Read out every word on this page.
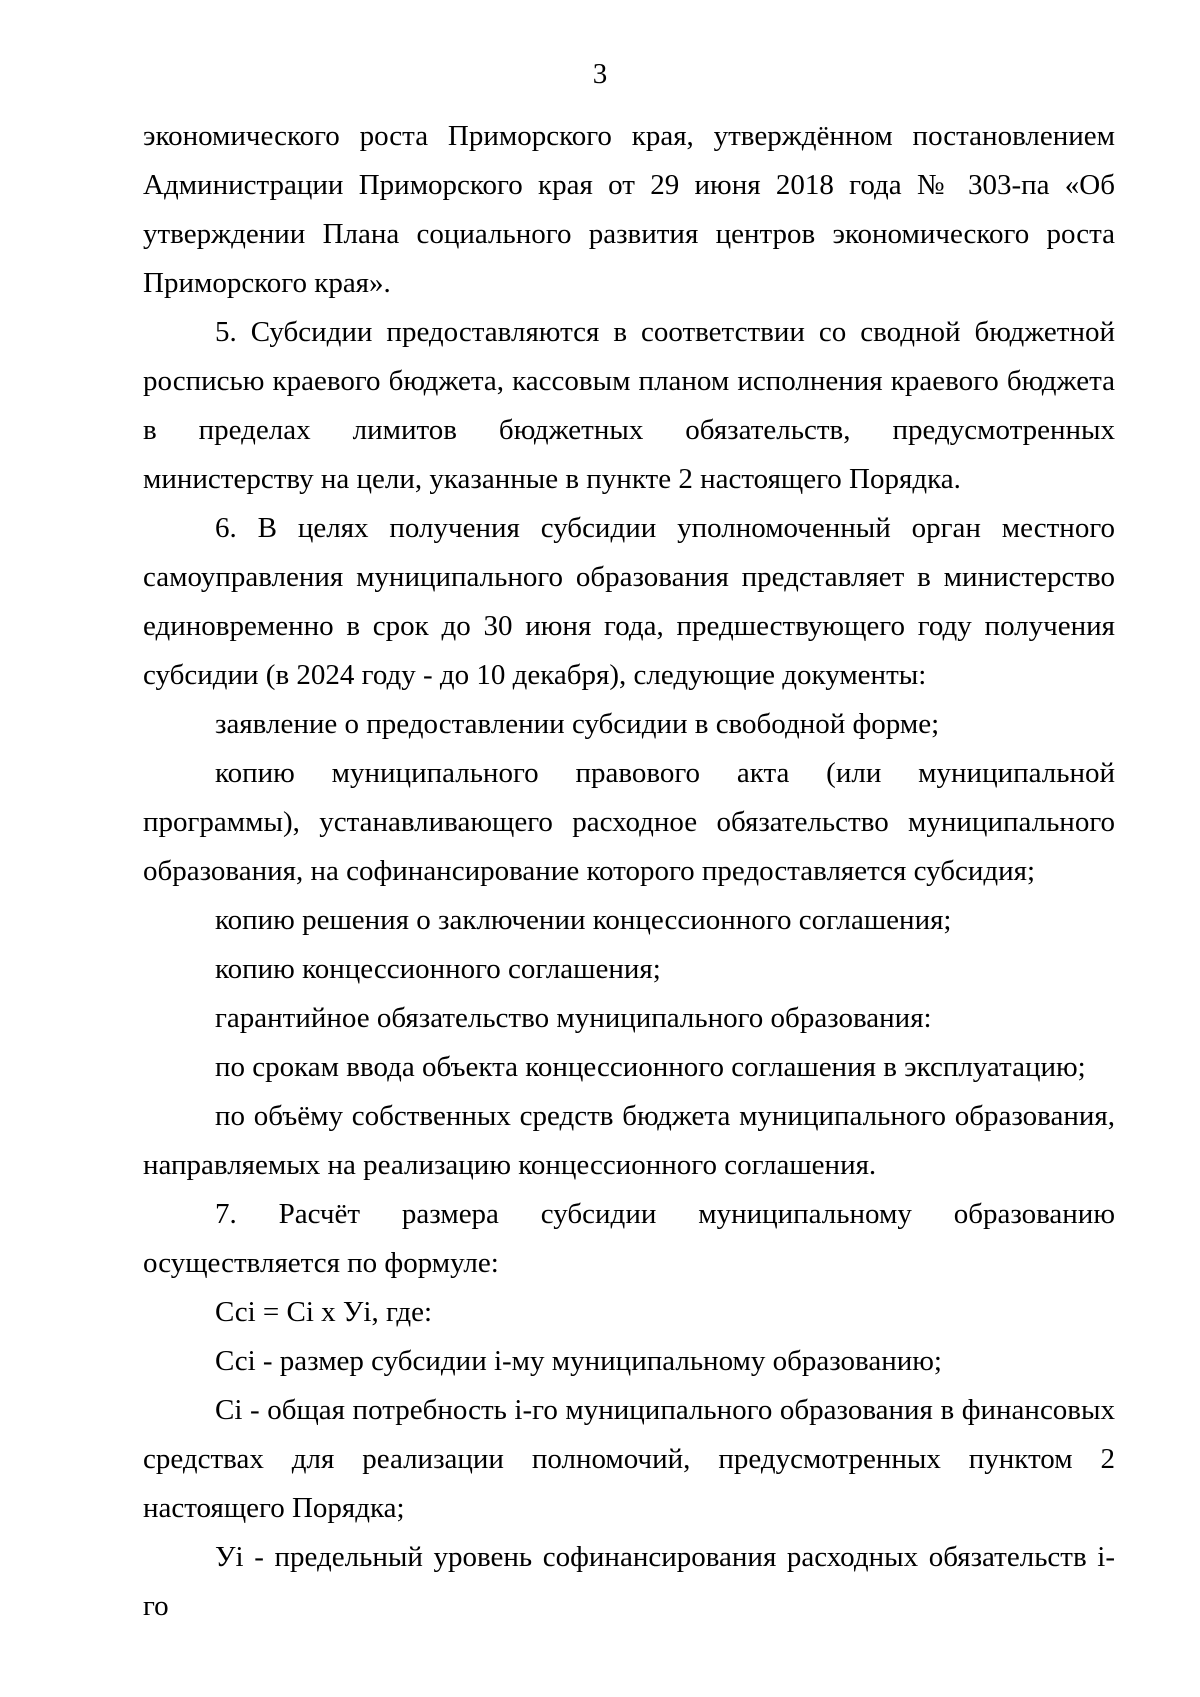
3

экономического роста Приморского края, утверждённом постановлением Администрации Приморского края от 29 июня 2018 года № 303-па «Об утверждении Плана социального развития центров экономического роста Приморского края».

5. Субсидии предоставляются в соответствии со сводной бюджетной росписью краевого бюджета, кассовым планом исполнения краевого бюджета в пределах лимитов бюджетных обязательств, предусмотренных министерству на цели, указанные в пункте 2 настоящего Порядка.

6. В целях получения субсидии уполномоченный орган местного самоуправления муниципального образования представляет в министерство единовременно в срок до 30 июня года, предшествующего году получения субсидии (в 2024 году - до 10 декабря), следующие документы:

заявление о предоставлении субсидии в свободной форме;

копию муниципального правового акта (или муниципальной программы), устанавливающего расходное обязательство муниципального образования, на софинансирование которого предоставляется субсидия;

копию решения о заключении концессионного соглашения;

копию концессионного соглашения;

гарантийное обязательство муниципального образования:

по срокам ввода объекта концессионного соглашения в эксплуатацию;

по объёму собственных средств бюджета муниципального образования, направляемых на реализацию концессионного соглашения.

7. Расчёт размера субсидии муниципальному образованию осуществляется по формуле:

Ссі = Сі х Уі, где:

Ссі - размер субсидии і-му муниципальному образованию;

Сі - общая потребность і-го муниципального образования в финансовых средствах для реализации полномочий, предусмотренных пунктом 2 настоящего Порядка;

Уі - предельный уровень софинансирования расходных обязательств і-го
